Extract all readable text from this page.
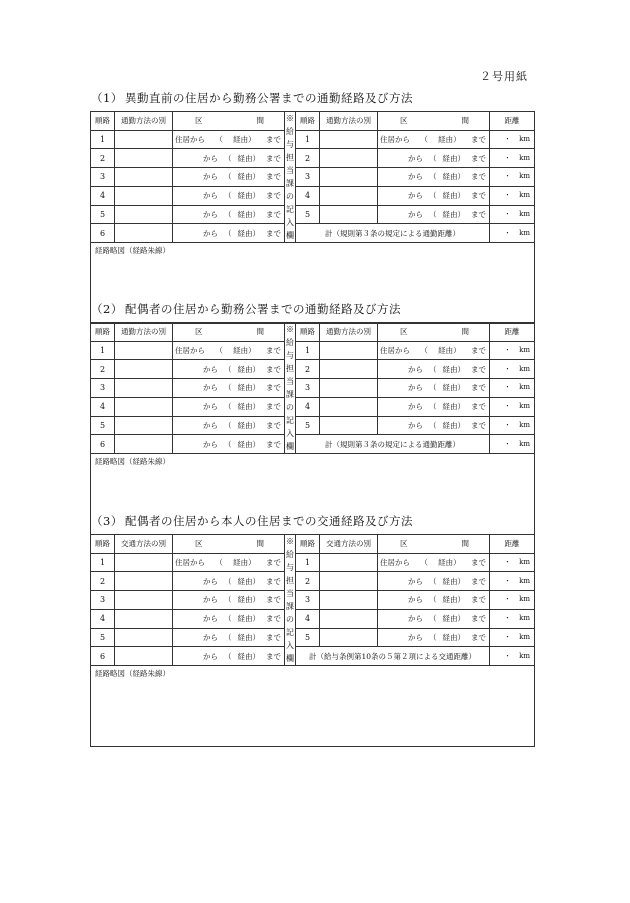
２号用紙
（1） 異動直前の住居から勤務公署までの通勤経路及び方法
順路	通勤方法の別	区 間	※給与担当課の記入欄	順路	通勤方法の別	区 間	距離
1		住居から （ 経由） まで		1		住居から （ 経由） まで	・ km

2		から （ 経由） まで		2		から （ 経由） まで	・ km

3		から （ 経由） まで		3		から （ 経由） まで	・ km

4		から （ 経由） まで		4		から （ 経由） まで	・ km

5		から （ 経由） まで		5		から （ 経由） まで	・ km

6		から （ 経由） まで		計（規則第３条の規定による通勤距離）			・ km

経路略図（経路朱線）							
（2） 配偶者の住居から勤務公署までの通勤経路及び方法
順路	通勤方法の別	区 間	※給与担当課の記入欄	順路	通勤方法の別	区 間	距離
1		住居から （ 経由） まで		1		住居から （ 経由） まで	・ km

2		から （ 経由） まで		2		から （ 経由） まで	・ km

3		から （ 経由） まで		3		から （ 経由） まで	・ km

4		から （ 経由） まで		4		から （ 経由） まで	・ km

5		から （ 経由） まで		5		から （ 経由） まで	・ km

6		から （ 経由） まで		計（規則第３条の規定による通勤距離）			・ km

経路略図（経路朱線）							
（3） 配偶者の住居から本人の住居までの交通経路及び方法
順路	交通方法の別	区 間	※給与担当課の記入欄	順路	交通方法の別	区 間	距離
1		住居から （ 経由） まで		1		住居から （ 経由） まで	・ km

2		から （ 経由） まで		2		から （ 経由） まで	・ km

3		から （ 経由） まで		3		から （ 経由） まで	・ km

4		から （ 経由） まで		4		から （ 経由） まで	・ km

5		から （ 経由） まで		5		から （ 経由） まで	・ km

6		から （ 経由） まで		計（給与条例第10条の５第２項による交通距離）			・ km

経路略図（経路朱線）							
